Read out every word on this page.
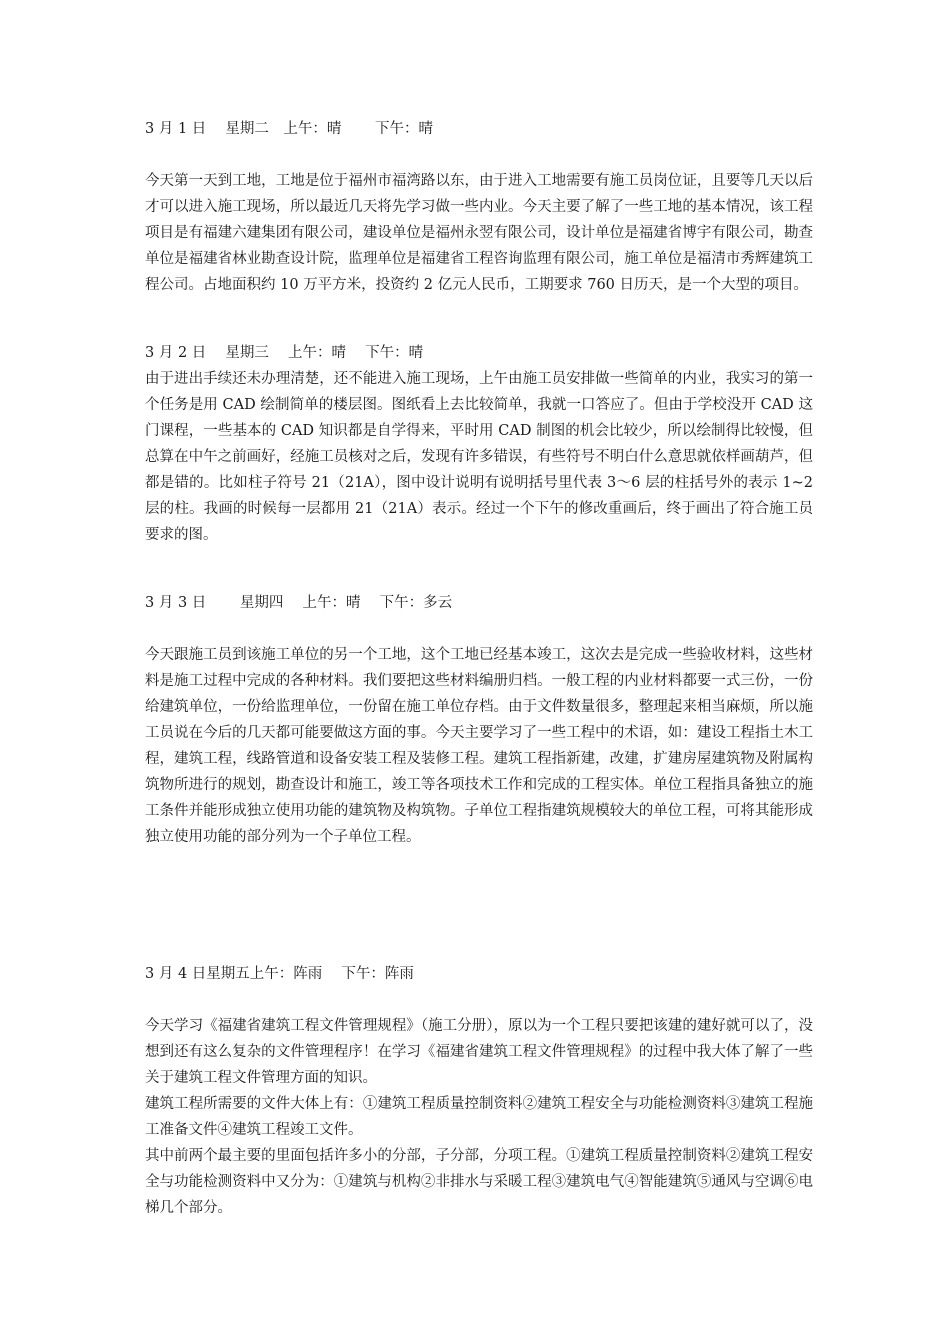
3 月 1 日　 星期二　上午：晴　　 下午：晴

今天第一天到工地，工地是位于福州市福湾路以东，由于进入工地需要有施工员岗位证，且要等几天以后才可以进入施工现场，所以最近几天将先学习做一些内业。今天主要了解了一些工地的基本情况，该工程项目是有福建六建集团有限公司，建设单位是福州永翌有限公司，设计单位是福建省博宇有限公司，勘查单位是福建省林业勘查设计院，监理单位是福建省工程咨询监理有限公司，施工单位是福清市秀辉建筑工程公司。占地面积约 10 万平方米，投资约 2 亿元人民币，工期要求 760 日历天，是一个大型的项目。

3 月 2 日　 星期三　 上午：晴　 下午：晴

由于进出手续还未办理清楚，还不能进入施工现场，上午由施工员安排做一些简单的内业，我实习的第一个任务是用 CAD 绘制简单的楼层图。图纸看上去比较简单，我就一口答应了。但由于学校没开 CAD 这门课程，一些基本的 CAD 知识都是自学得来，平时用 CAD 制图的机会比较少，所以绘制得比较慢，但总算在中午之前画好，经施工员核对之后，发现有许多错误，有些符号不明白什么意思就依样画葫芦，但都是错的。比如柱子符号 21（21A），图中设计说明有说明括号里代表 3～6 层的柱括号外的表示 1~2 层的柱。我画的时候每一层都用 21（21A）表示。经过一个下午的修改重画后，终于画出了符合施工员要求的图。

3 月 3 日　　 星期四　 上午：晴　 下午：多云

今天跟施工员到该施工单位的另一个工地，这个工地已经基本竣工，这次去是完成一些验收材料，这些材料是施工过程中完成的各种材料。我们要把这些材料编册归档。一般工程的内业材料都要一式三份，一份给建筑单位，一份给监理单位，一份留在施工单位存档。由于文件数量很多，整理起来相当麻烦，所以施工员说在今后的几天都可能要做这方面的事。今天主要学习了一些工程中的术语，如：建设工程指土木工程，建筑工程，线路管道和设备安装工程及装修工程。建筑工程指新建，改建，扩建房屋建筑物及附属构筑物所进行的规划，勘查设计和施工，竣工等各项技术工作和完成的工程实体。单位工程指具备独立的施工条件并能形成独立使用功能的建筑物及构筑物。子单位工程指建筑规模较大的单位工程，可将其能形成独立使用功能的部分列为一个子单位工程。

3 月 4 日星期五上午：阵雨　 下午：阵雨

今天学习《福建省建筑工程文件管理规程》（施工分册），原以为一个工程只要把该建的建好就可以了，没想到还有这么复杂的文件管理程序！在学习《福建省建筑工程文件管理规程》的过程中我大体了解了一些关于建筑工程文件管理方面的知识。

建筑工程所需要的文件大体上有：①建筑工程质量控制资料②建筑工程安全与功能检测资料③建筑工程施工准备文件④建筑工程竣工文件。

其中前两个最主要的里面包括许多小的分部，子分部，分项工程。①建筑工程质量控制资料②建筑工程安全与功能检测资料中又分为：①建筑与机构②非排水与采暖工程③建筑电气④智能建筑⑤通风与空调⑥电梯几个部分。
